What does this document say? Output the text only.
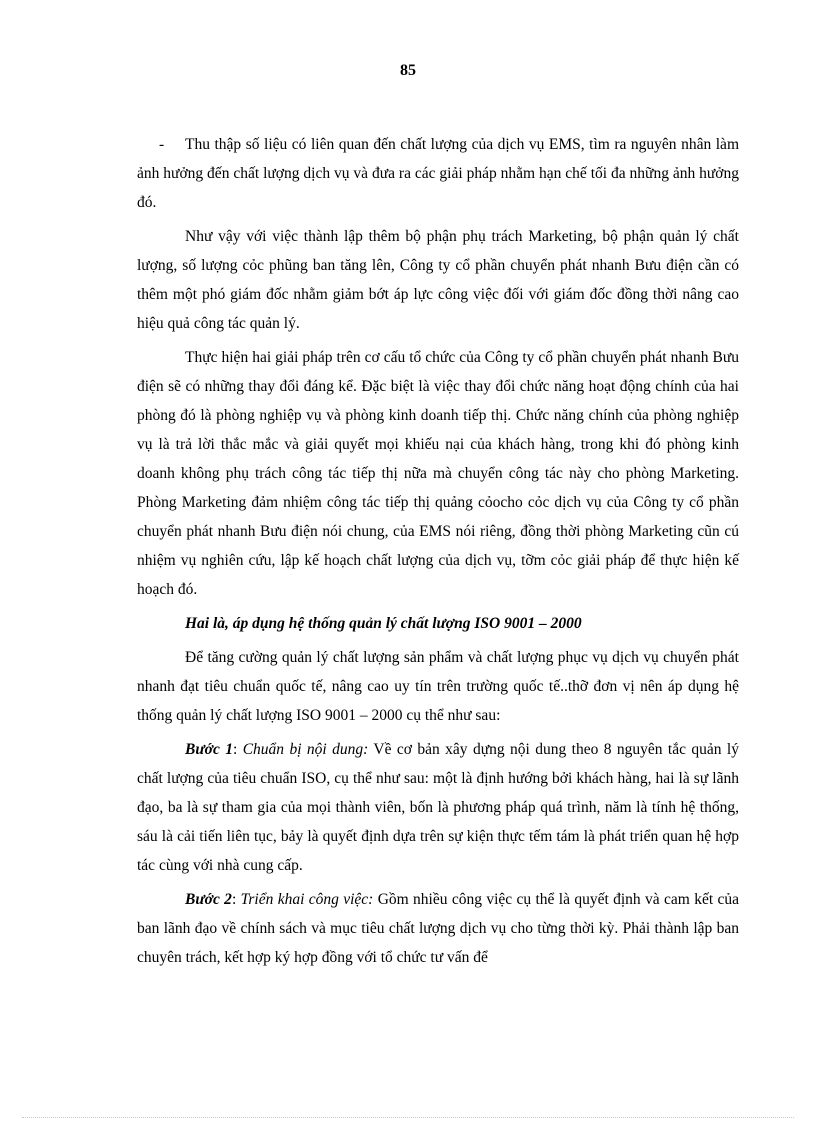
85

- Thu thập số liệu có liên quan đến chất lượng của dịch vụ EMS, tìm ra nguyên nhân làm ảnh hưởng đến chất lượng dịch vụ và đưa ra các giải pháp nhằm hạn chế tối đa những ảnh hưởng đó.

Như vậy với việc thành lập thêm bộ phận phụ trách Marketing, bộ phận quản lý chất lượng, số lượng cỏc phũng ban tăng lên, Công ty cổ phần chuyển phát nhanh Bưu điện cần có thêm một phó giám đốc nhằm giảm bớt áp lực công việc đối với giám đốc đồng thời nâng cao hiệu quả công tác quản lý.

Thực hiện hai giải pháp trên cơ cấu tổ chức của Công ty cổ phần chuyển phát nhanh Bưu điện sẽ có những thay đổi đáng kể. Đặc biệt là việc thay đổi chức năng hoạt động chính của hai phòng đó là phòng nghiệp vụ và phòng kinh doanh tiếp thị. Chức năng chính của phòng nghiệp vụ là trả lời thắc mắc và giải quyết mọi khiếu nại của khách hàng, trong khi đó phòng kinh doanh không phụ trách công tác tiếp thị nữa mà chuyển công tác này cho phòng Marketing. Phòng Marketing đảm nhiệm công tác tiếp thị quảng cỏocho cỏc dịch vụ của Công ty cổ phần chuyển phát nhanh Bưu điện nói chung, của EMS nói riêng, đồng thời phòng Marketing cũn cú nhiệm vụ nghiên cứu, lập kế hoạch chất lượng của dịch vụ, tỡm cỏc giải pháp để thực hiện kế hoạch đó.

Hai là, áp dụng hệ thống quản lý chất lượng ISO 9001 – 2000

Để tăng cường quản lý chất lượng sản phẩm và chất lượng phục vụ dịch vụ chuyển phát nhanh đạt tiêu chuẩn quốc tế, nâng cao uy tín trên trường quốc tế..thỡ đơn vị nên áp dụng hệ thống quản lý chất lượng ISO 9001 – 2000 cụ thể như sau:

Bước 1: Chuẩn bị nội dung: Về cơ bản xây dựng nội dung theo 8 nguyên tắc quản lý chất lượng của tiêu chuẩn ISO, cụ thể như sau: một là định hướng bởi khách hàng, hai là sự lãnh đạo, ba là sự tham gia của mọi thành viên, bốn là phương pháp quá trình, năm là tính hệ thống, sáu là cải tiến liên tục, bảy là quyết định dựa trên sự kiện thực tếm tám là phát triển quan hệ hợp tác cùng với nhà cung cấp.

Bước 2: Triển khai công việc: Gồm nhiều công việc cụ thể là quyết định và cam kết của ban lãnh đạo về chính sách và mục tiêu chất lượng dịch vụ cho từng thời kỳ. Phải thành lập ban chuyên trách, kết hợp ký hợp đồng với tổ chức tư vấn để
